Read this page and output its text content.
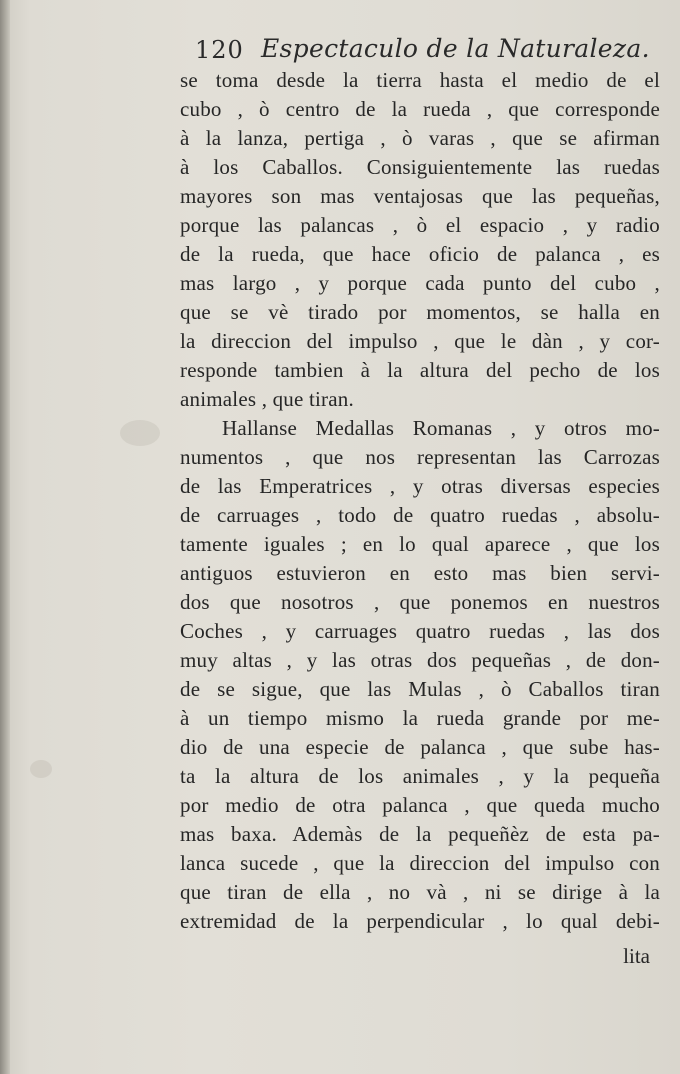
120 Espectaculo de la Naturaleza.
se toma desde la tierra hasta el medio de el
cubo , ò centro de la rueda , que corresponde
à la lanza, pertiga , ò varas , que se afirman
à los Caballos. Consiguientemente las ruedas
mayores son mas ventajosas que las pequeñas,
porque las palancas , ò el espacio , y radio
de la rueda, que hace oficio de palanca , es
mas largo , y porque cada punto del cubo ,
que se vè tirado por momentos, se halla en
la direccion del impulso , que le dàn , y cor-
responde tambien à la altura del pecho de los
animales , que tiran.
Hallanse Medallas Romanas , y otros mo-
numentos , que nos representan las Carrozas
de las Emperatrices , y otras diversas especies
de carruages , todo de quatro ruedas , absolu-
tamente iguales ; en lo qual aparece , que los
antiguos estuvieron en esto mas bien servi-
dos que nosotros , que ponemos en nuestros
Coches , y carruages quatro ruedas , las dos
muy altas , y las otras dos pequeñas , de don-
de se sigue, que las Mulas , ò Caballos tiran
à un tiempo mismo la rueda grande por me-
dio de una especie de palanca , que sube has-
ta la altura de los animales , y la pequeña
por medio de otra palanca , que queda mucho
mas baxa. Ademàs de la pequeñèz de esta pa-
lanca sucede , que la direccion del impulso con
que tiran de ella , no và , ni se dirige à la
extremidad de la perpendicular , lo qual debi-
lita
